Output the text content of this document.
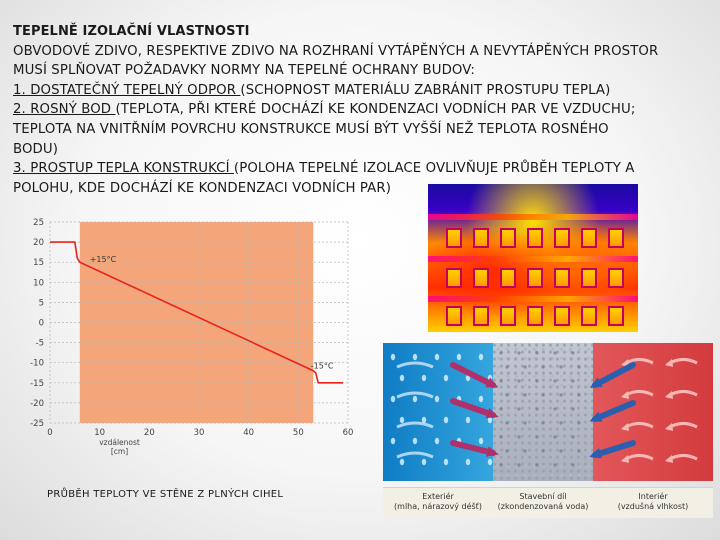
TEPELNĚ IZOLAČNÍ VLASTNOSTI
OBVODOVÉ ZDIVO, RESPEKTIVE ZDIVO NA ROZHRANÍ VYTÁPĚNÝCH A NEVYTÁPĚNÝCH PROSTOR
MUSÍ SPLŇOVAT POŽADAVKY NORMY NA TEPELNÉ OCHRANY BUDOV:
1. DOSTATEČNÝ TEPELNÝ ODPOR (SCHOPNOST MATERIÁLU ZABRÁNIT PROSTUPU TEPLA)
2. ROSNÝ BOD (TEPLOTA, PŘI KTERÉ DOCHÁZÍ KE KONDENZACI VODNÍCH PAR VE VZDUCHU;
TEPLOTA NA VNITŘNÍM POVRCHU KONSTRUKCE MUSÍ BÝT VYŠŠÍ NEŽ TEPLOTA ROSNÉHO
BODU)
3. PROSTUP TEPLA KONSTRUKCÍ (POLOHA TEPELNÉ IZOLACE OVLIVŇUJE PRŮBĚH TEPLOTY A
POLOHU, KDE DOCHÁZÍ KE KONDENZACI VODNÍCH PAR)
25
20
15
10
5
0
-5
-10
-15
-20
-25
0	10	20	30	40	50	60
vzdálenost
[cm]
+15°C
-15°C
PRŮBĚH TEPLOTY VE STĚNE Z PLNÝCH CIHEL	Exteriér
(mlha, nárazový déšť)
Stavební díl
(zkondenzovaná voda)
Interiér
(vzdušná vlhkost)
